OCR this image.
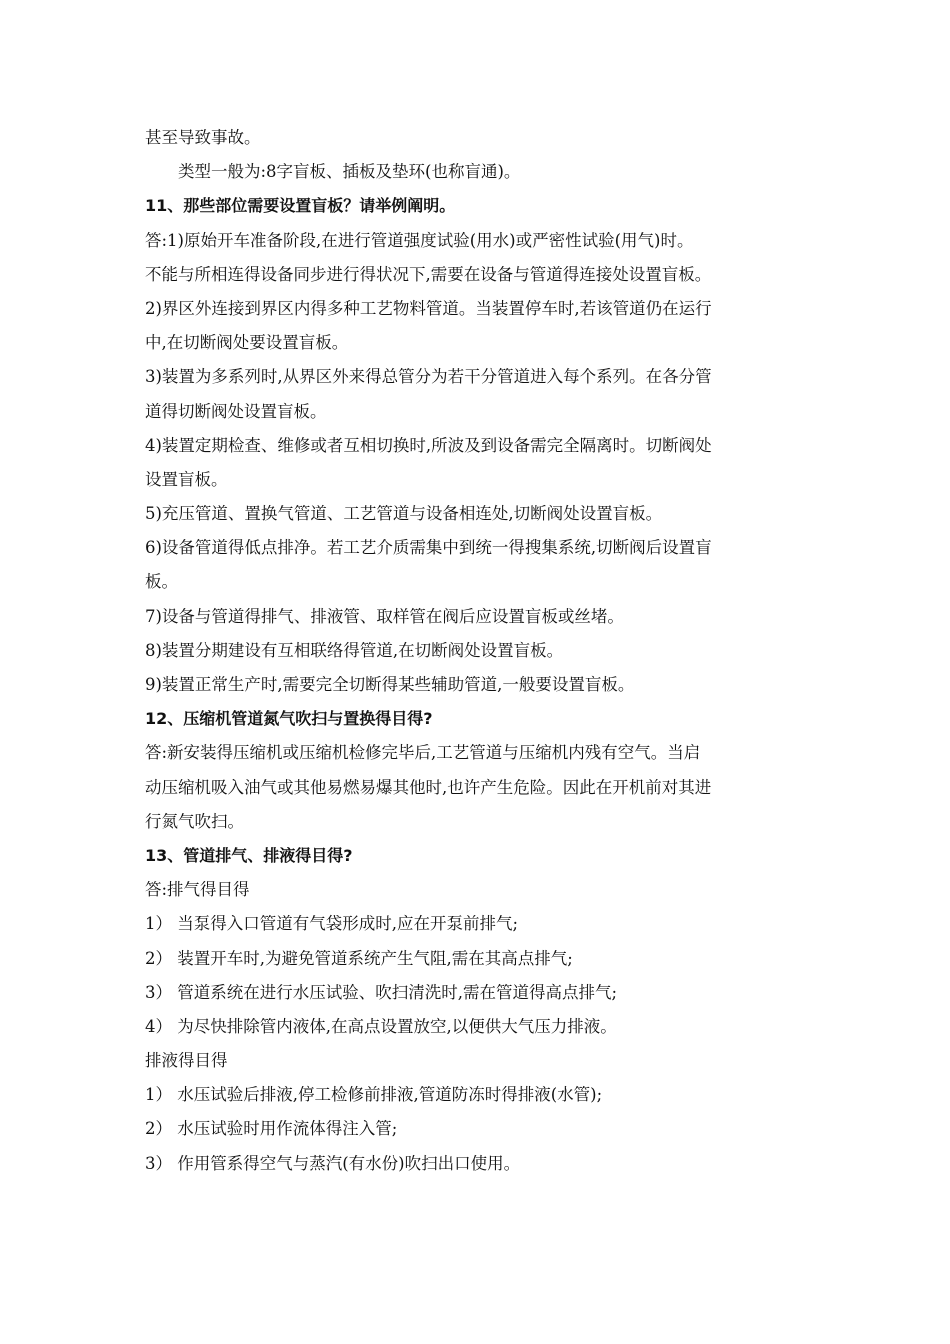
甚至导致事故。

类型一般为:8字盲板、插板及垫环(也称盲通)。

11、那些部位需要设置盲板？请举例阐明。

答:1)原始开车准备阶段,在进行管道强度试验(用水)或严密性试验(用气)时。

不能与所相连得设备同步进行得状况下,需要在设备与管道得连接处设置盲板。

2)界区外连接到界区内得多种工艺物料管道。当装置停车时,若该管道仍在运行

中,在切断阀处要设置盲板。

3)装置为多系列时,从界区外来得总管分为若干分管道进入每个系列。在各分管

道得切断阀处设置盲板。

4)装置定期检查、维修或者互相切换时,所波及到设备需完全隔离时。切断阀处

设置盲板。

5)充压管道、置换气管道、工艺管道与设备相连处,切断阀处设置盲板。

6)设备管道得低点排净。若工艺介质需集中到统一得搜集系统,切断阀后设置盲

板。

7)设备与管道得排气、排液管、取样管在阀后应设置盲板或丝堵。

8)装置分期建设有互相联络得管道,在切断阀处设置盲板。

9)装置正常生产时,需要完全切断得某些辅助管道,一般要设置盲板。

12、压缩机管道氮气吹扫与置换得目得?

答:新安装得压缩机或压缩机检修完毕后,工艺管道与压缩机内残有空气。当启

动压缩机吸入油气或其他易燃易爆其他时,也许产生危险。因此在开机前对其进

行氮气吹扫。

13、管道排气、排液得目得?

答:排气得目得

1） 当泵得入口管道有气袋形成时,应在开泵前排气;

2） 装置开车时,为避免管道系统产生气阻,需在其高点排气;

3） 管道系统在进行水压试验、吹扫清洗时,需在管道得高点排气;

4） 为尽快排除管内液体,在高点设置放空,以便供大气压力排液。

排液得目得

1） 水压试验后排液,停工检修前排液,管道防冻时得排液(水管);

2） 水压试验时用作流体得注入管;

3） 作用管系得空气与蒸汽(有水份)吹扫出口使用。
